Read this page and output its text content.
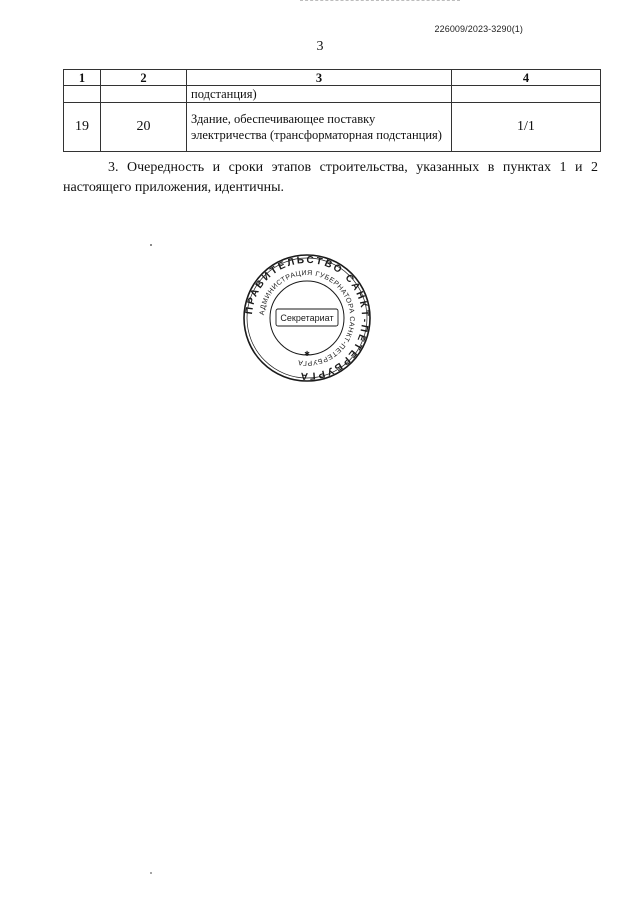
226009/2023-3290(1)
3
1	2	3	4
		подстанция)	
19	20	Здание, обеспечивающее поставку электричества (трансформаторная подстанция)	1/1
3. Очередность и сроки этапов строительства, указанных в пунктах 1 и 2 настоящего приложения, идентичны.
ПРАВИТЕЛЬСТВО САНКТ-ПЕТЕРБУРГА
АДМИНИСТРАЦИЯ ГУБЕРНАТОРА САНКТ-ПЕТЕРБУРГА
Секретариат
✱
